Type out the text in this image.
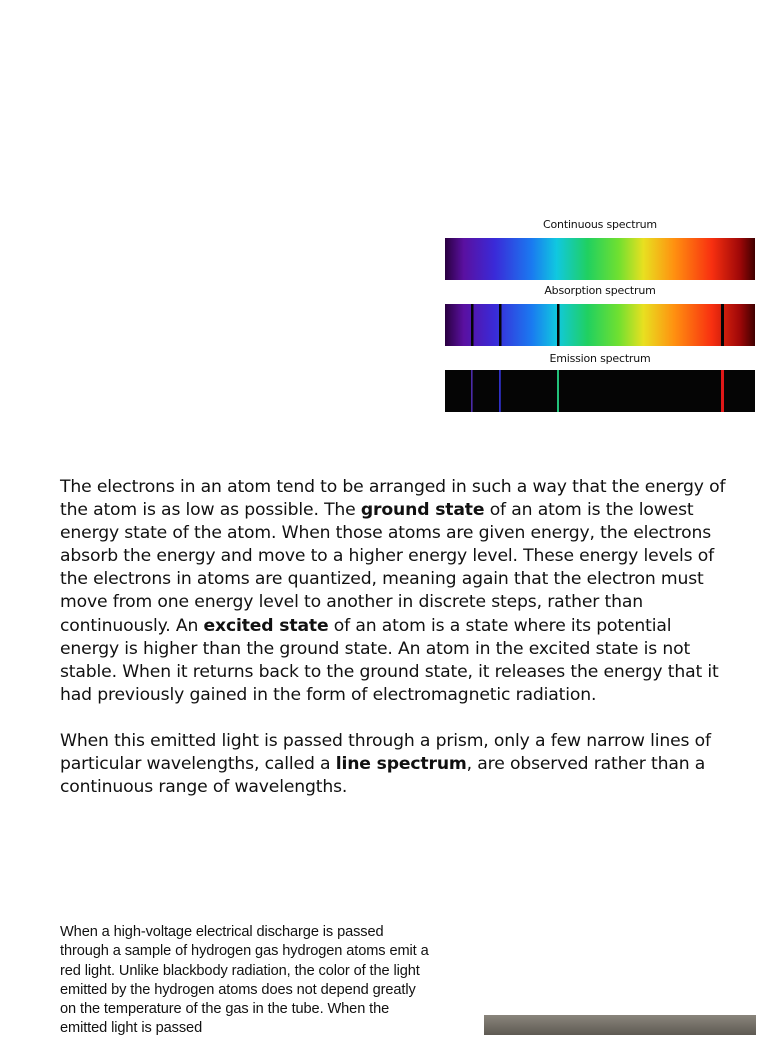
Continuous spectrum
Absorption spectrum
Emission spectrum

The electrons in an atom tend to be arranged in such a way that the energy of the atom is as low as possible. The ground state of an atom is the lowest energy state of the atom. When those atoms are given energy, the electrons absorb the energy and move to a higher energy level. These energy levels of the electrons in atoms are quantized, meaning again that the electron must move from one energy level to another in discrete steps, rather than continuously. An excited state of an atom is a state where its potential energy is higher than the ground state. An atom in the excited state is not stable. When it returns back to the ground state, it releases the energy that it had previously gained in the form of electromagnetic radiation.

When this emitted light is passed through a prism, only a few narrow lines of particular wavelengths, called a line spectrum, are observed rather than a continuous range of wavelengths.

When a high-voltage electrical discharge is passed through a sample of hydrogen gas hydrogen atoms emit a red light. Unlike blackbody radiation, the color of the light emitted by the hydrogen atoms does not depend greatly on the temperature of the gas in the tube. When the emitted light is passed
